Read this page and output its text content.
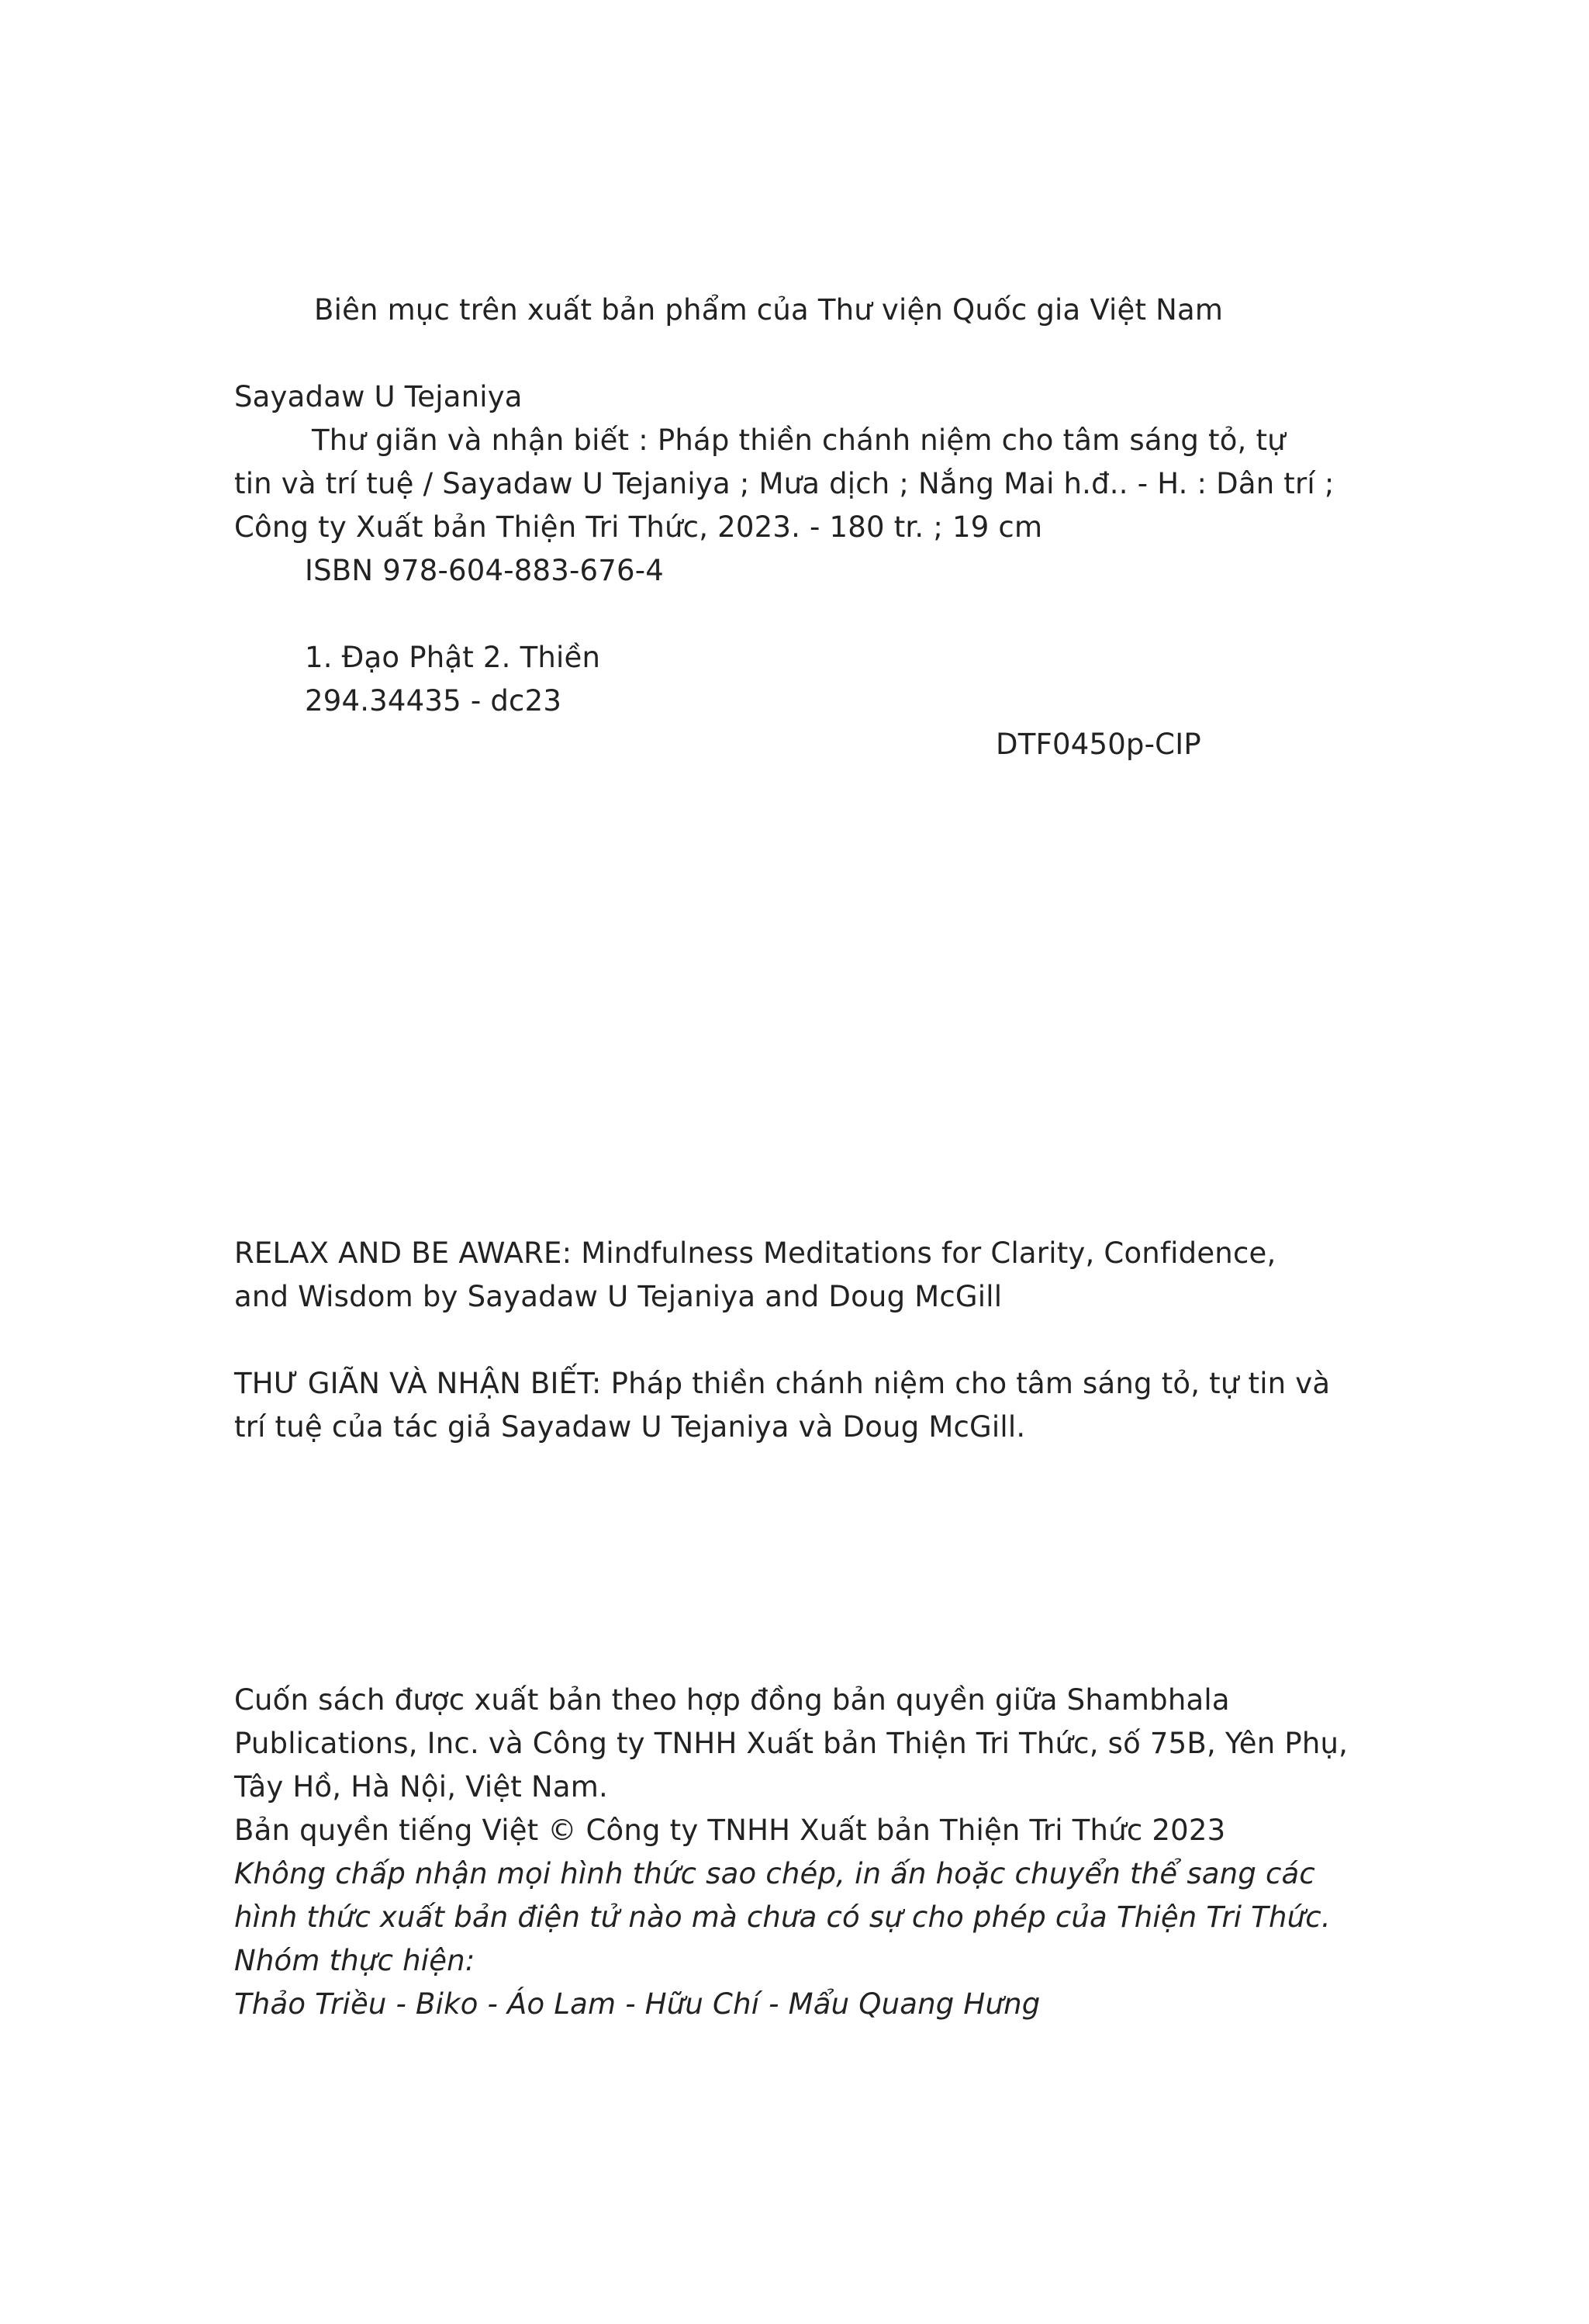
Biên mục trên xuất bản phẩm của Thư viện Quốc gia Việt Nam
Sayadaw U Tejaniya
Thư giãn và nhận biết : Pháp thiền chánh niệm cho tâm sáng tỏ, tự
tin và trí tuệ / Sayadaw U Tejaniya ; Mưa dịch ; Nắng Mai h.đ.. - H. : Dân trí ;
Công ty Xuất bản Thiện Tri Thức, 2023. - 180 tr. ; 19 cm
ISBN 978-604-883-676-4
1. Đạo Phật 2. Thiền
294.34435 - dc23
DTF0450p-CIP
RELAX AND BE AWARE: Mindfulness Meditations for Clarity, Confidence,
and Wisdom by Sayadaw U Tejaniya and Doug McGill
THƯ GIÃN VÀ NHẬN BIẾT: Pháp thiền chánh niệm cho tâm sáng tỏ, tự tin và
trí tuệ của tác giả Sayadaw U Tejaniya và Doug McGill.
Cuốn sách được xuất bản theo hợp đồng bản quyền giữa Shambhala
Publications, Inc. và Công ty TNHH Xuất bản Thiện Tri Thức, số 75B, Yên Phụ,
Tây Hồ, Hà Nội, Việt Nam.
Bản quyền tiếng Việt © Công ty TNHH Xuất bản Thiện Tri Thức 2023
Không chấp nhận mọi hình thức sao chép, in ấn hoặc chuyển thể sang các
hình thức xuất bản điện tử nào mà chưa có sự cho phép của Thiện Tri Thức.
Nhóm thực hiện:
Thảo Triều - Biko - Áo Lam - Hữu Chí - Mẩu Quang Hưng
